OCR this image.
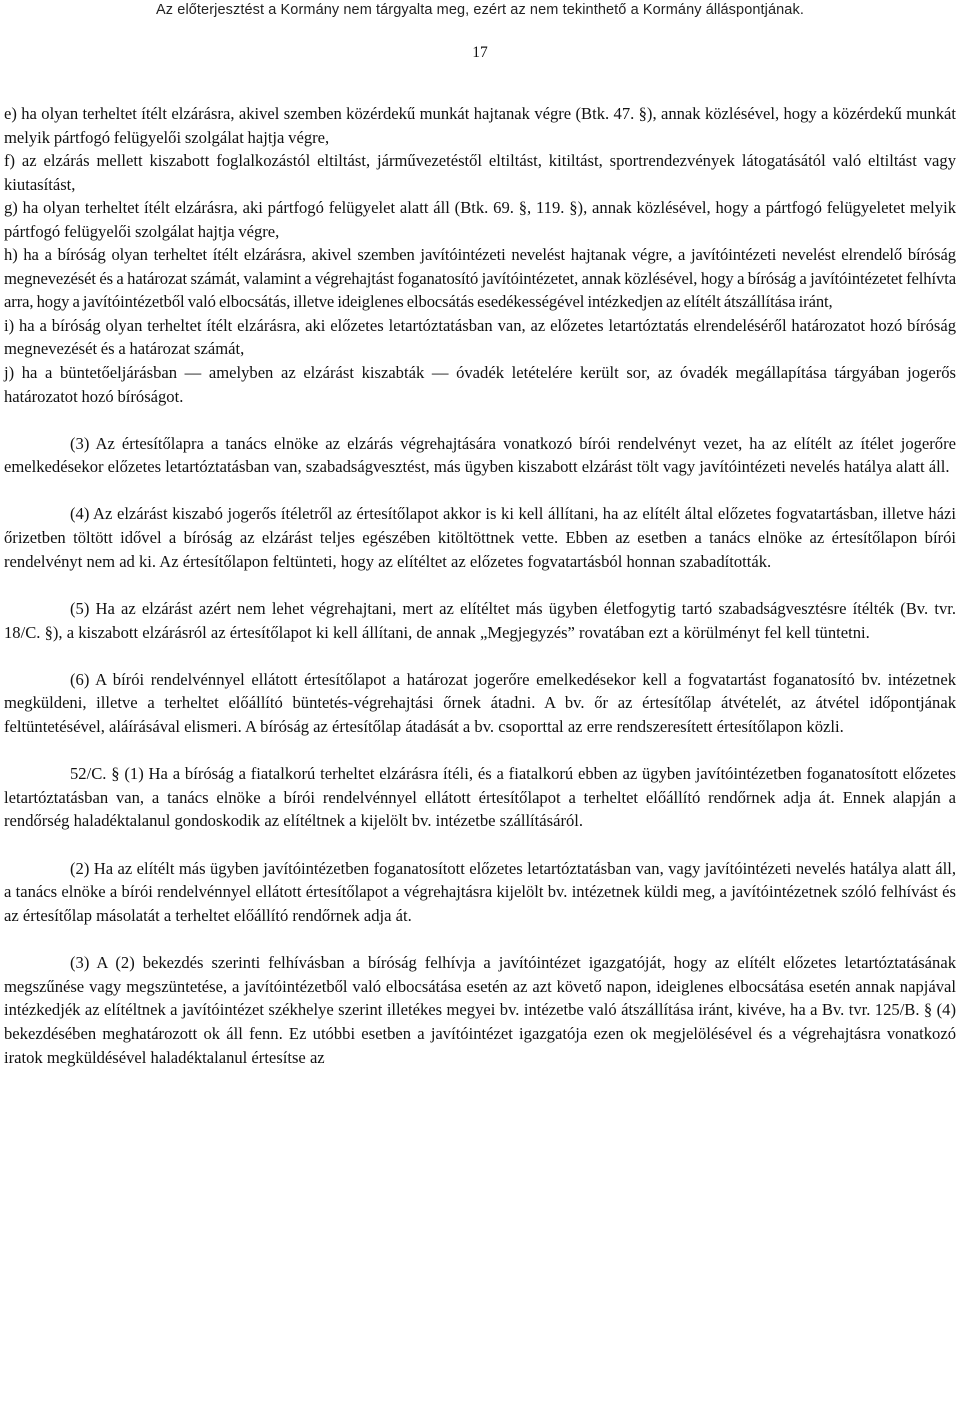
Az előterjesztést a Kormány nem tárgyalta meg, ezért az nem tekinthető a Kormány álláspontjának.
17

e) ha olyan terheltet ítélt elzárásra, akivel szemben közérdekű munkát hajtanak végre (Btk. 47. §), annak közlésével, hogy a közérdekű munkát melyik pártfogó felügyelői szolgálat hajtja végre,

f) az elzárás mellett kiszabott foglalkozástól eltiltást, járművezetéstől eltiltást, kitiltást, sportrendezvények látogatásától való eltiltást vagy kiutasítást,

g) ha olyan terheltet ítélt elzárásra, aki pártfogó felügyelet alatt áll (Btk. 69. §, 119. §), annak közlésével, hogy a pártfogó felügyeletet melyik pártfogó felügyelői szolgálat hajtja végre,

h) ha a bíróság olyan terheltet ítélt elzárásra, akivel szemben javítóintézeti nevelést hajtanak végre, a javítóintézeti nevelést elrendelő bíróság megnevezését és a határozat számát, valamint a végrehajtást foganatosító javítóintézetet, annak közlésével, hogy a bíróság a javítóintézetet felhívta arra, hogy a javítóintézetből való elbocsátás, illetve ideiglenes elbocsátás esedékességével intézkedjen az elítélt átszállítása iránt,

i) ha a bíróság olyan terheltet ítélt elzárásra, aki előzetes letartóztatásban van, az előzetes letartóztatás elrendeléséről határozatot hozó bíróság megnevezését és a határozat számát,

j) ha a büntetőeljárásban ― amelyben az elzárást kiszabták ― óvadék letételére került sor, az óvadék megállapítása tárgyában jogerős határozatot hozó bíróságot.

(3) Az értesítőlapra a tanács elnöke az elzárás végrehajtására vonatkozó bírói rendelvényt vezet, ha az elítélt az ítélet jogerőre emelkedésekor előzetes letartóztatásban van, szabadságvesztést, más ügyben kiszabott elzárást tölt vagy javítóintézeti nevelés hatálya alatt áll.

(4) Az elzárást kiszabó jogerős ítéletről az értesítőlapot akkor is ki kell állítani, ha az elítélt által előzetes fogvatartásban, illetve házi őrizetben töltött idővel a bíróság az elzárást teljes egészében kitöltöttnek vette. Ebben az esetben a tanács elnöke az értesítőlapon bírói rendelvényt nem ad ki. Az értesítőlapon feltünteti, hogy az elítéltet az előzetes fogvatartásból honnan szabadították.

(5) Ha az elzárást azért nem lehet végrehajtani, mert az elítéltet más ügyben életfogytig tartó szabadságvesztésre ítélték (Bv. tvr. 18/C. §), a kiszabott elzárásról az értesítőlapot ki kell állítani, de annak „Megjegyzés” rovatában ezt a körülményt fel kell tüntetni.

(6) A bírói rendelvénnyel ellátott értesítőlapot a határozat jogerőre emelkedésekor kell a fogvatartást foganatosító bv. intézetnek megküldeni, illetve a terheltet előállító büntetés-végrehajtási őrnek átadni. A bv. őr az értesítőlap átvételét, az átvétel időpontjának feltüntetésével, aláírásával elismeri. A bíróság az értesítőlap átadását a bv. csoporttal az erre rendszeresített értesítőlapon közli.

52/C. § (1) Ha a bíróság a fiatalkorú terheltet elzárásra ítéli, és a fiatalkorú ebben az ügyben javítóintézetben foganatosított előzetes letartóztatásban van, a tanács elnöke a bírói rendelvénnyel ellátott értesítőlapot a terheltet előállító rendőrnek adja át. Ennek alapján a rendőrség haladéktalanul gondoskodik az elítéltnek a kijelölt bv. intézetbe szállításáról.

(2) Ha az elítélt más ügyben javítóintézetben foganatosított előzetes letartóztatásban van, vagy javítóintézeti nevelés hatálya alatt áll, a tanács elnöke a bírói rendelvénnyel ellátott értesítőlapot a végrehajtásra kijelölt bv. intézetnek küldi meg, a javítóintézetnek szóló felhívást és az értesítőlap másolatát a terheltet előállító rendőrnek adja át.

(3) A (2) bekezdés szerinti felhívásban a bíróság felhívja a javítóintézet igazgatóját, hogy az elítélt előzetes letartóztatásának megszűnése vagy megszüntetése, a javítóintézetből való elbocsátása esetén az azt követő napon, ideiglenes elbocsátása esetén annak napjával intézkedjék az elítéltnek a javítóintézet székhelye szerint illetékes megyei bv. intézetbe való átszállítása iránt, kivéve, ha a Bv. tvr. 125/B. § (4) bekezdésében meghatározott ok áll fenn. Ez utóbbi esetben a javítóintézet igazgatója ezen ok megjelölésével és a végrehajtásra vonatkozó iratok megküldésével haladéktalanul értesítse az
